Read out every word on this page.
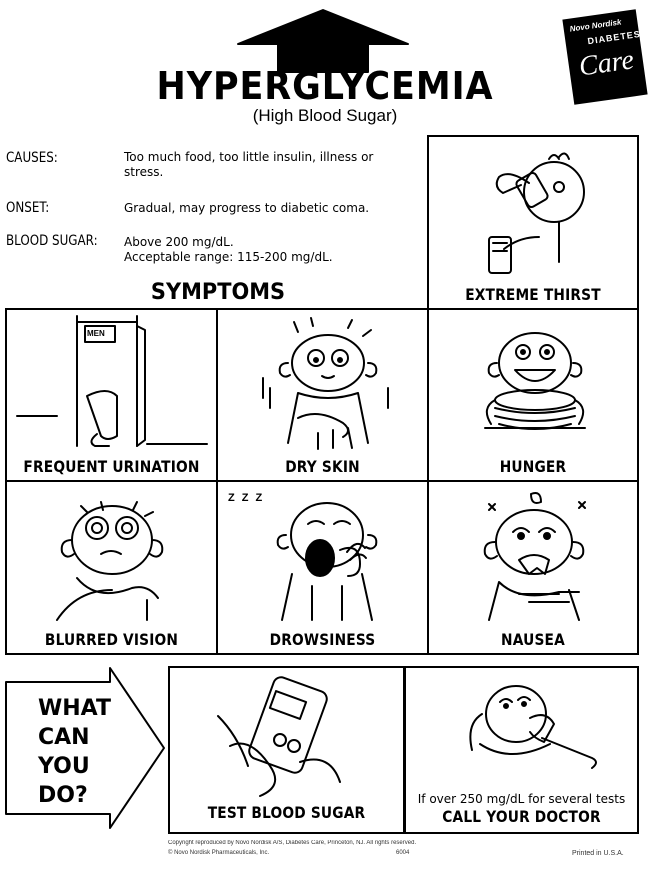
Novo Nordisk
DIABETES
Care
HYPERGLYCEMIA
(High Blood Sugar)
CAUSES:	Too much food, too little insulin, illness or stress.
ONSET:	Gradual, may progress to diabetic coma.
BLOOD SUGAR: Above 200 mg/dL.
Acceptable range: 115-200 mg/dL.
SYMPTOMS	EXTREME THIRST
MEN
FREQUENT URINATION	DRY SKIN	HUNGER
BLURRED VISION
Z Z Z
DROWSINESS	NAUSEA
WHAT
CAN
YOU
DO?
TEST BLOOD SUGAR
If over 250 mg/dL for several tests
CALL YOUR DOCTOR
Copyright reproduced by Novo Nordisk A/S, Diabetes Care, Princeton, NJ. All rights reserved.
© Novo Nordisk Pharmaceuticals, Inc.	6004	Printed in U.S.A.
